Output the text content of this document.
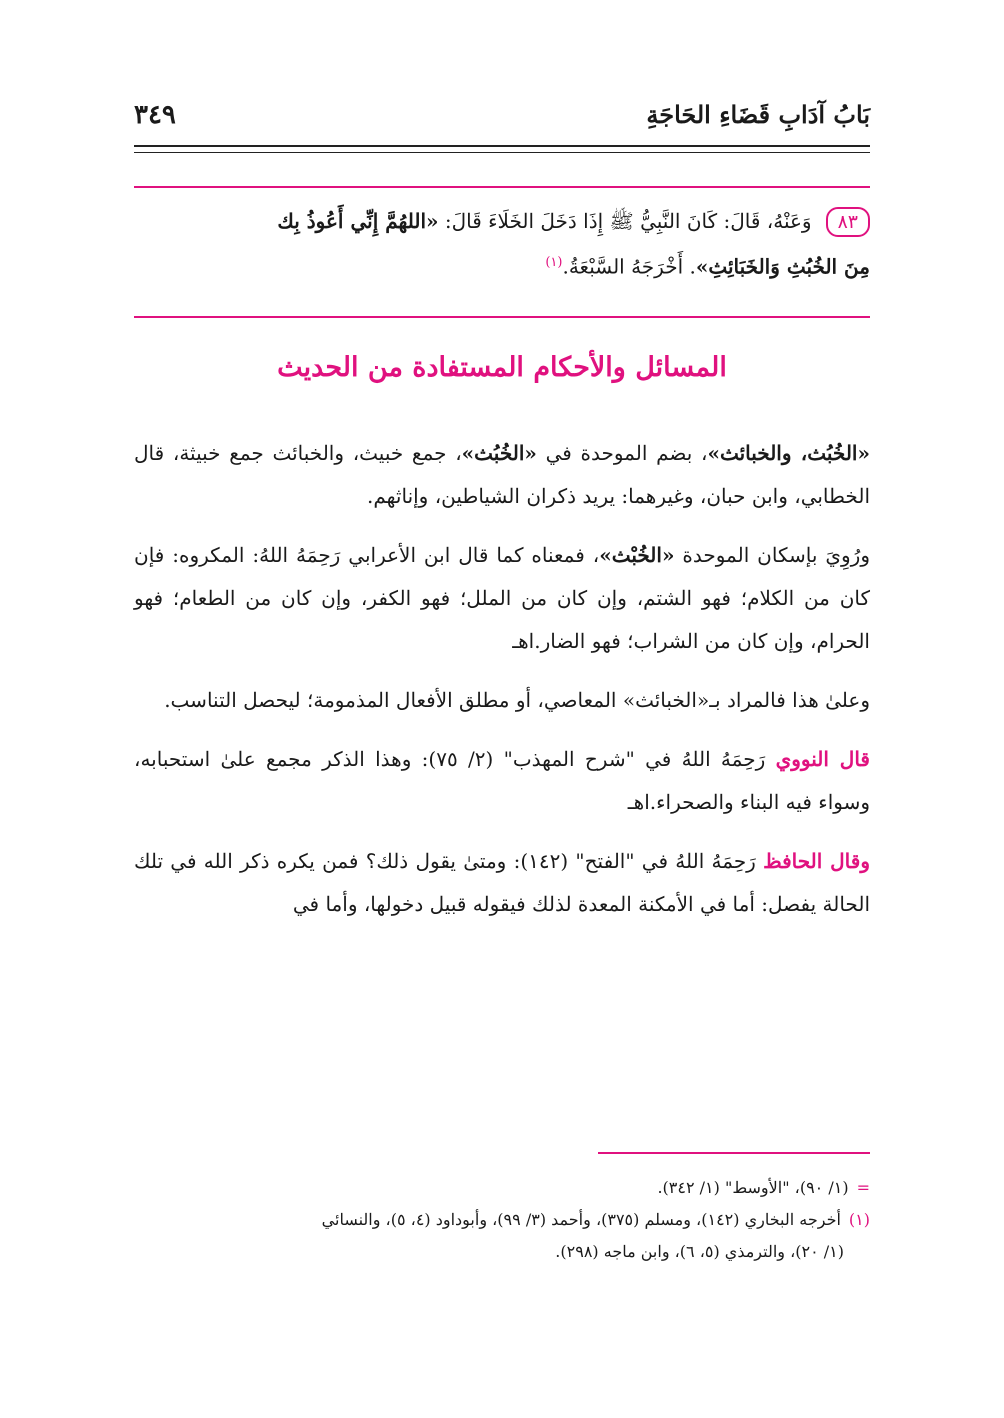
بَابُ آدَابِ قَضَاءِ الحَاجَةِ
٣٤٩
٨٣وَعَنْهُ، قَالَ: كَانَ النَّبِيُّ ﷺ إِذَا دَخَلَ الخَلَاءَ قَالَ: «اللهُمَّ إِنِّي أَعُوذُ بِك
مِنَ الخُبُثِ وَالخَبَائِثِ». أَخْرَجَهُ السَّبْعَةُ.$^{(١)}$
المسائل والأحكام المستفادة من الحديث
«الخُبُث، والخبائث»، بضم الموحدة في «الخُبُث»، جمع خبيث، والخبائث جمع خبيثة، قال الخطابي، وابن حبان، وغيرهما: يريد ذكران الشياطين، وإناثهم.
ورُوِيَ بإسكان الموحدة «الخُبْث»، فمعناه كما قال ابن الأعرابي رَحِمَهُ اللهُ: المكروه: فإن كان من الكلام؛ فهو الشتم، وإن كان من الملل؛ فهو الكفر، وإن كان من الطعام؛ فهو الحرام، وإن كان من الشراب؛ فهو الضار.اهـ
وعلىٰ هذا فالمراد بـ«الخبائث» المعاصي، أو مطلق الأفعال المذمومة؛ ليحصل التناسب.
قال النووي رَحِمَهُ اللهُ في "شرح المهذب" (٢/ ٧٥): وهذا الذكر مجمع علىٰ استحبابه، وسواء فيه البناء والصحراء.اهـ
وقال الحافظ رَحِمَهُ اللهُ في "الفتح" (١٤٢): ومتىٰ يقول ذلك؟ فمن يكره ذكر الله في تلك الحالة يفصل: أما في الأمكنة المعدة لذلك فيقوله قبيل دخولها، وأما في
=(١/ ٩٠)، "الأوسط" (١/ ٣٤٢).
(١)أخرجه البخاري (١٤٢)، ومسلم (٣٧٥)، وأحمد (٣/ ٩٩)، وأبوداود (٤، ٥)، والنسائي
(١/ ٢٠)، والترمذي (٥، ٦)، وابن ماجه (٢٩٨).
